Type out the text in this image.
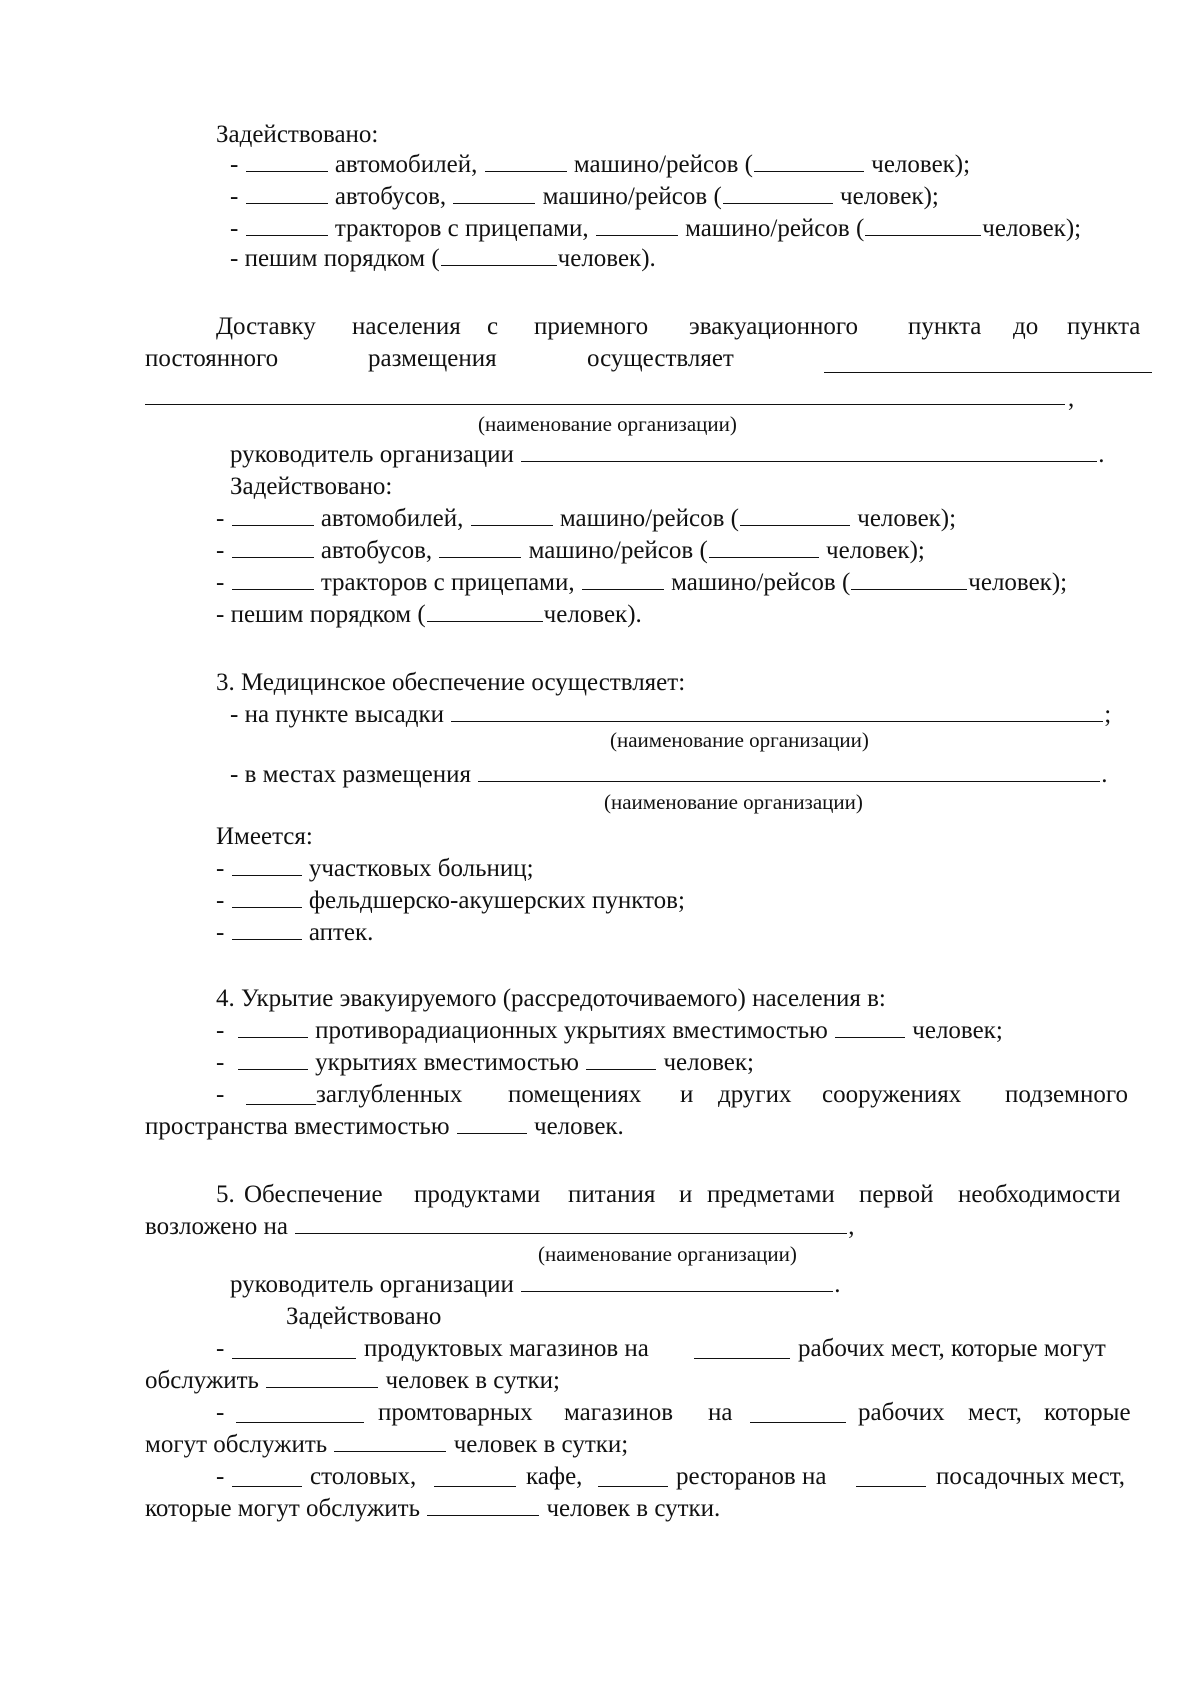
Задействовано:
-	автомобилей,	машино/рейсов (	человек);
-	автобусов,	машино/рейсов (	человек);
-	тракторов с прицепами,	машино/рейсов (	человек);
- пешим порядком (	человек).
Доставку населения с приемного эвакуационного пункта до пункта
постоянного	размещения	осуществляет
,
(наименование организации)
руководитель организации	.
Задействовано:
-	автомобилей,	машино/рейсов (	человек);
-	автобусов,	машино/рейсов (	человек);
-	тракторов с прицепами,	машино/рейсов (	человек);
- пешим порядком (	человек).
3. Медицинское обеспечение осуществляет:
- на пункте высадки	;
(наименование организации)
- в местах размещения	.
(наименование организации)
Имеется:
-	участковых больниц;
-	фельдшерско-акушерских пунктов;
-	аптек.
4. Укрытие эвакуируемого (рассредоточиваемого) населения в:
-	противорадиационных укрытиях вместимостью	человек;
-	укрытиях вместимостью	человек;
-	заглубленных помещениях и других сооружениях подземного
пространства вместимостью	человек.
5. Обеспечение продуктами питания и предметами первой необходимости
возложено на	,
(наименование организации)
руководитель организации	.
Задействовано
-	продуктовых магазинов на	рабочих мест, которые могут
обслужить	человек в сутки;
-	промтоварных магазинов на	рабочих мест, которые
могут обслужить	человек в сутки;
-	столовых,	кафе,	ресторанов на	посадочных мест,
которые могут обслужить	человек в сутки.
